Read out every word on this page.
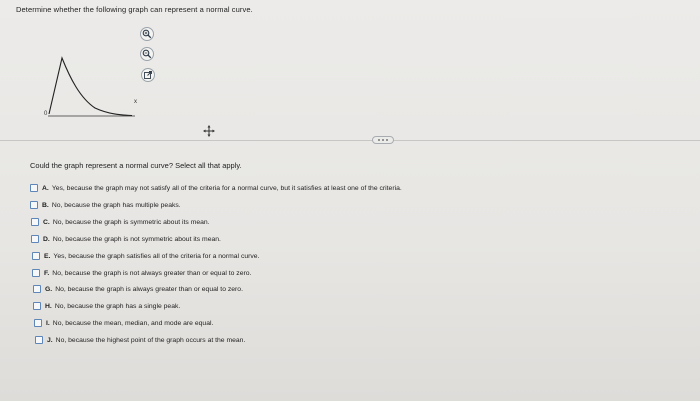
Determine whether the following graph can represent a normal curve.
0
x
Could the graph represent a normal curve? Select all that apply.
A. Yes, because the graph may not satisfy all of the criteria for a normal curve, but it satisfies at least one of the criteria.
B. No, because the graph has multiple peaks.
C. No, because the graph is symmetric about its mean.
D. No, because the graph is not symmetric about its mean.
E. Yes, because the graph satisfies all of the criteria for a normal curve.
F. No, because the graph is not always greater than or equal to zero.
G. No, because the graph is always greater than or equal to zero.
H. No, because the graph has a single peak.
I. No, because the mean, median, and mode are equal.
J. No, because the highest point of the graph occurs at the mean.
